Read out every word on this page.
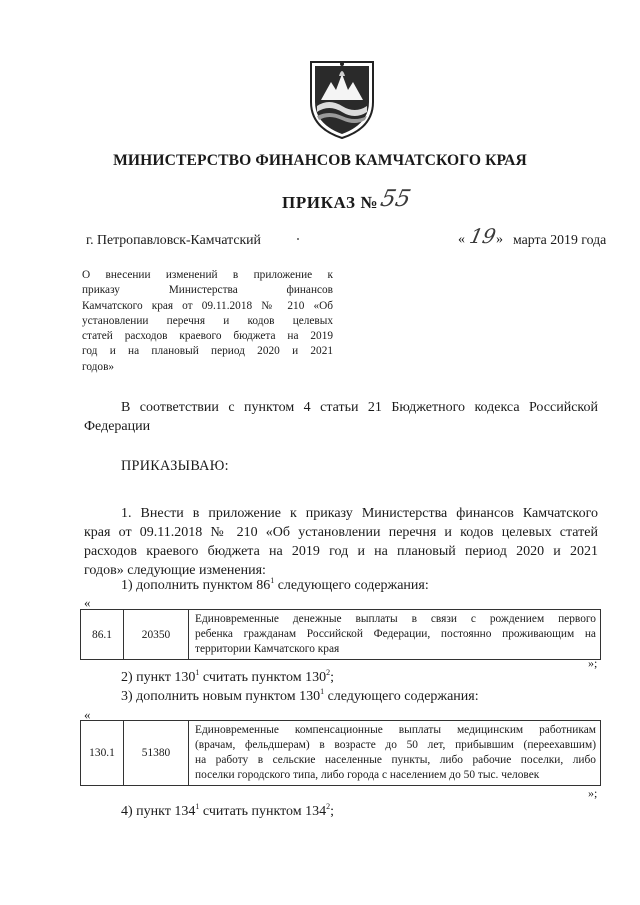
МИНИСТЕРСТВО ФИНАНСОВ КАМЧАТСКОГО КРАЯ
ПРИКАЗ № 55
г. Петропавловск-Камчатский	« 19
» марта 2019 года
О внесении изменений в приложение к
приказу Министерства финансов
Камчатского края от 09.11.2018 № 210 «Об
установлении перечня и кодов целевых
статей расходов краевого бюджета на 2019
год и на плановый период 2020 и 2021
годов»
В соответствии с пунктом 4 статьи 21 Бюджетного кодекса Российской
Федерации
ПРИКАЗЫВАЮ:
1. Внести в приложение к приказу Министерства финансов Камчатского
края от 09.11.2018 № 210 «Об установлении перечня и кодов целевых статей
расходов краевого бюджета на 2019 год и на плановый период 2020 и 2021
годов» следующие изменения:
1) дополнить пунктом $86^1$ следующего содержания:
«
86.1	20350	
Единовременные денежные выплаты в связи с рождением первого
ребенка гражданам Российской Федерации, постоянно проживающим на
территории Камчатского края
»;
2) пункт $130^1$ считать пунктом $130^2$;
3) дополнить новым пунктом $130^1$ следующего содержания:
«
130.1	51380	
Единовременные компенсационные выплаты медицинским работникам
(врачам, фельдшерам) в возрасте до 50 лет, прибывшим (переехавшим)
на работу в сельские населенные пункты, либо рабочие поселки, либо
поселки городского типа, либо города с населением до 50 тыс. человек
»;
4) пункт $134^1$ считать пунктом $134^2$;
